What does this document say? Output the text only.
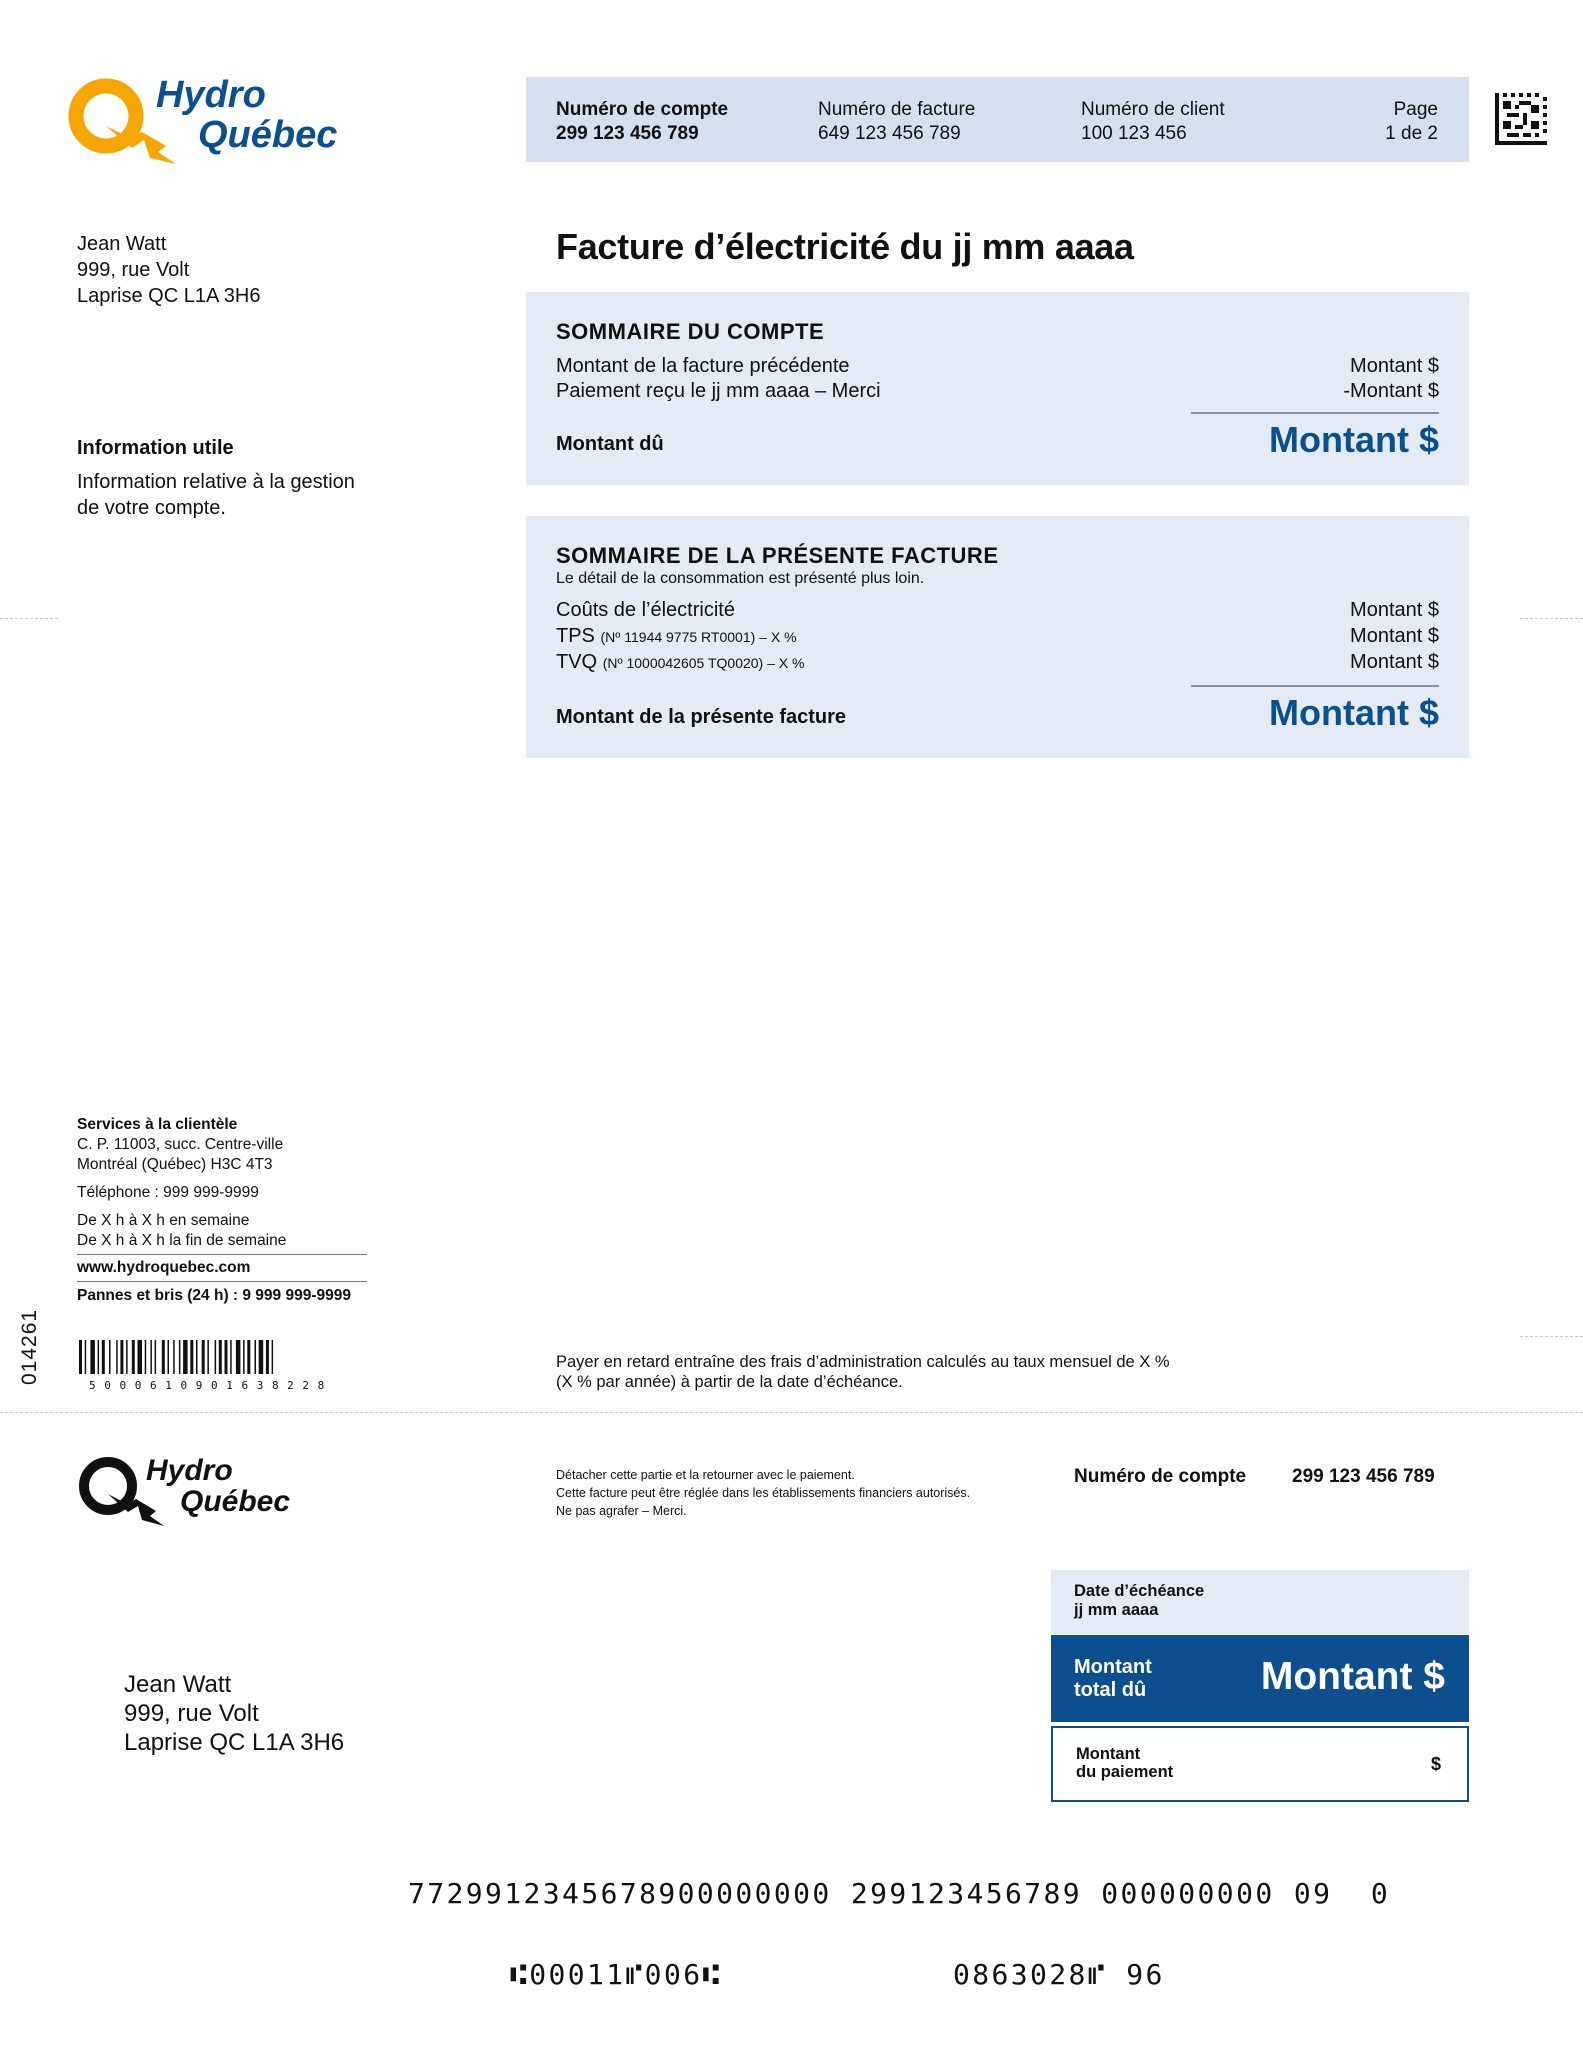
Hydro
Québec
Numéro de compte
299 123 456 789
Numéro de facture
649 123 456 789
Numéro de client
100 123 456
Page
1 de 2
Jean Watt
999, rue Volt
Laprise QC L1A 3H6
Information utile
Information relative à la gestion
de votre compte.
Facture d’électricité du jj mm aaaa
SOMMAIRE DU COMPTE
Montant de la facture précédente	Montant $
Paiement reçu le jj mm aaaa – Merci	-Montant $
Montant dû	Montant $
SOMMAIRE DE LA PRÉSENTE FACTURE
Le détail de la consommation est présenté plus loin.
Coûts de l’électricité	Montant $
TPS (Nº 11944 9775 RT0001) – X %	Montant $
TVQ (Nº 1000042605 TQ0020) – X %	Montant $
Montant de la présente facture	Montant $
Services à la clientèle
C. P. 11003, succ. Centre-ville
Montréal (Québec) H3C 4T3
Téléphone : 999 999-9999
De X h à X h en semaine
De X h à X h la fin de semaine
www.hydroquebec.com
Pannes et bris (24 h) : 9 999 999-9999
014261
5 0 0 0 6 1 0 9 0 1 6 3 8 2 2 8
Payer en retard entraîne des frais d’administration calculés au taux mensuel de X %
(X % par année) à partir de la date d’échéance.
Hydro
Québec
Détacher cette partie et la retourner avec le paiement.
Cette facture peut être réglée dans les établissements financiers autorisés.
Ne pas agrafer – Merci.
Numéro de compte 299 123 456 789
Date d’échéance
jj mm aaaa
Montant
total dû	Montant $
Montant
du paiement	$
Jean Watt
999, rue Volt
Laprise QC L1A 3H6
7729912345678900000000 299123456789 000000000 09  0
⑆00011⑈006⑆	0863028⑈ 96
